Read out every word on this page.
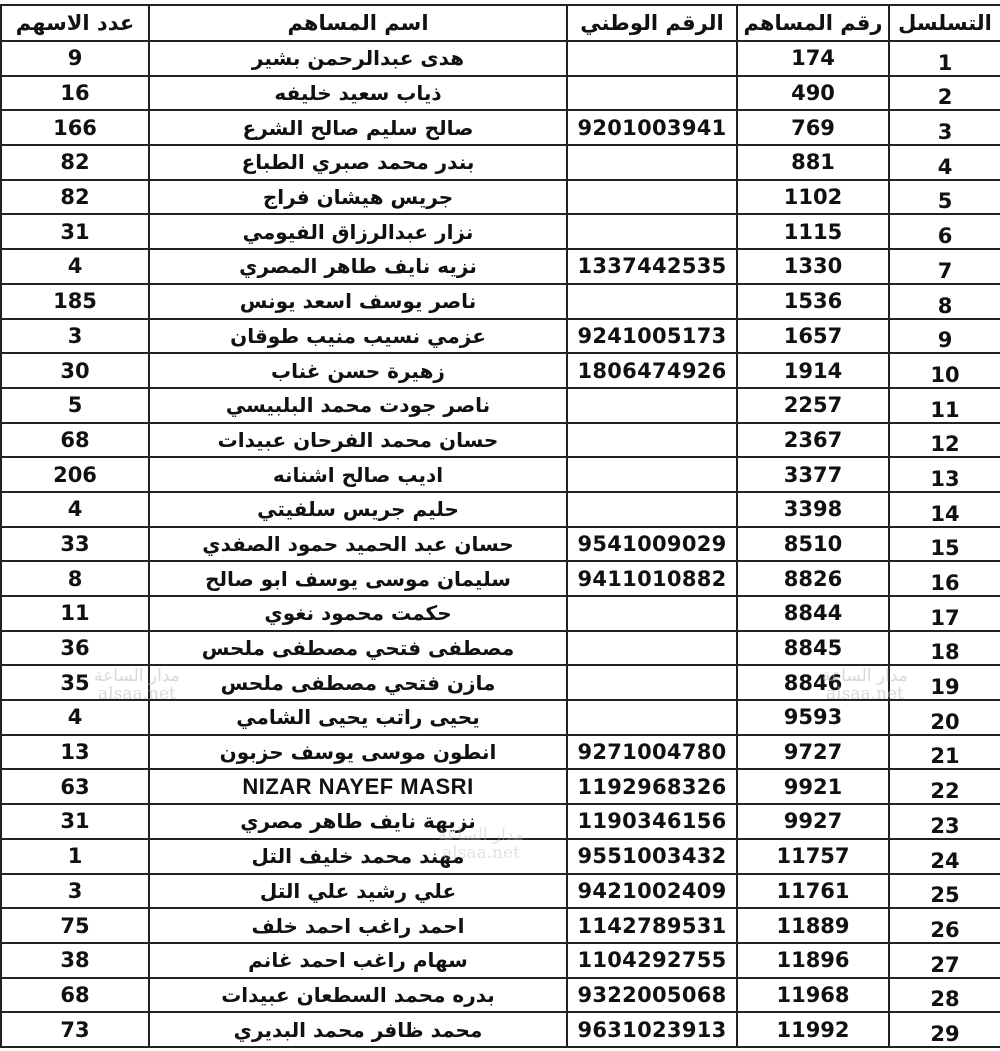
عدد الاسهم	اسم المساهم	الرقم الوطني	رقم المساهم	التسلسل
9	هدى عبدالرحمن بشير		174	1
16	ذياب سعيد خليفه		490	2
166	صالح سليم صالح الشرع	9201003941	769	3
82	بندر محمد صبري الطباع		881	4
82	جريس هيشان فراج		1102	5
31	نزار عبدالرزاق الفيومي		1115	6
4	نزيه نايف طاهر المصري	1337442535	1330	7
185	ناصر يوسف اسعد يونس		1536	8
3	عزمي نسيب منيب طوقان	9241005173	1657	9
30	زهيرة حسن غناب	1806474926	1914	10
5	ناصر جودت محمد البلبيسي		2257	11
68	حسان محمد الفرحان عبيدات		2367	12
206	اديب صالح اشنانه		3377	13
4	حليم جريس سلفيتي		3398	14
33	حسان عبد الحميد حمود الصفدي	9541009029	8510	15
8	سليمان موسى يوسف ابو صالح	9411010882	8826	16
11	حكمت محمود نغوي		8844	17
36	مصطفى فتحي مصطفى ملحس		8845	18
35	مازن فتحي مصطفى ملحس		8846	19
4	يحيى راتب يحيى الشامي		9593	20
13	انطون موسى يوسف حزبون	9271004780	9727	21
63	NIZAR NAYEF MASRI	1192968326	9921	22
31	نزيهة نايف طاهر مصري	1190346156	9927	23
1	مهند محمد خليف التل	9551003432	11757	24
3	علي رشيد علي التل	9421002409	11761	25
75	احمد راغب احمد خلف	1142789531	11889	26
38	سهام راغب احمد غانم	1104292755	11896	27
68	بدره محمد السطعان عبيدات	9322005068	11968	28
73	محمد ظافر محمد البديري	9631023913	11992	29
مدار الساعة
alsaa.net
مدار الساعة
alsaa.net
مدار الساعة
alsaa.net
